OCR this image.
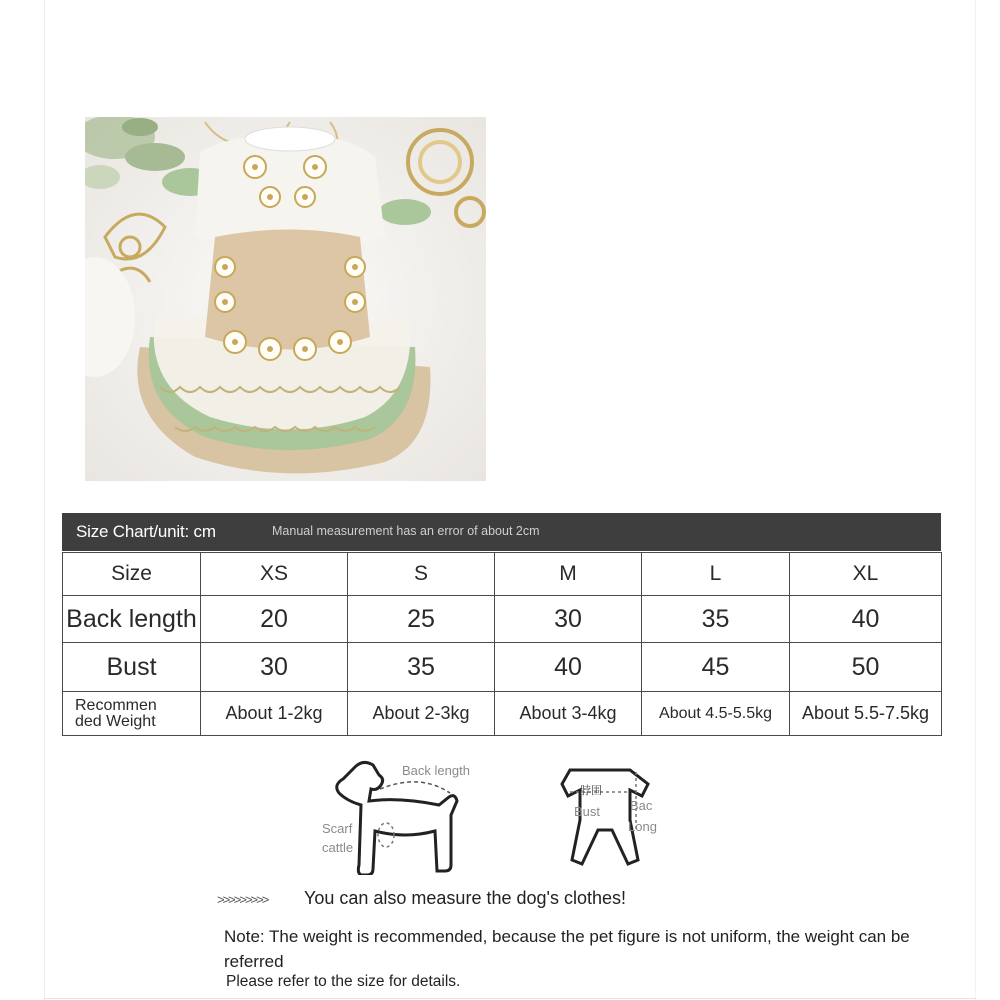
Size Chart/unit: cm	Manual measurement has an error of about 2cm
Size	XS	S	M	L	XL
Back length	20	25	30	35	40
Bust	30	35	40	45	50

Recommen
ded Weight	About 1-2kg	About 2-3kg	About 3-4kg	About 4.5-5.5kg	About 5.5-7.5kg
Back length
Scarf
cattle
脖围
Bust Bac
Long
>>>>>>>>> You can also measure the dog's clothes!
Note: The weight is recommended, because the pet figure is not uniform, the weight can be referred
Please refer to the size for details.
